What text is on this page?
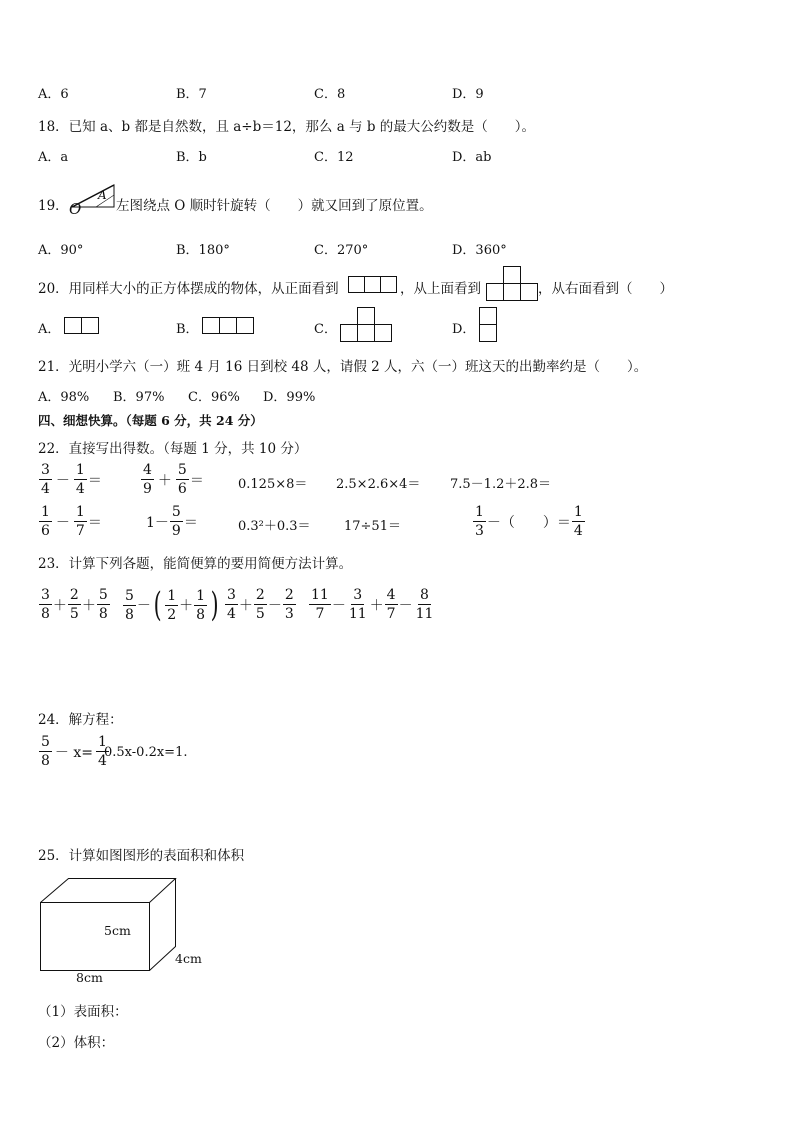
A．6	B．7	C．8	D．9
18．已知 a、b 都是自然数，且 a÷b＝12，那么 a 与 b 的最大公约数是（　　）。
A．a	B．b	C．12	D．ab
19． O
A
左图绕点 O 顺时针旋转（　　）就又回到了原位置。
A．90°	B．180°	C．270°	D．360°
20．用同样大小的正方体摆成的物体，从正面看到	，从上面看到	，从右面看到（　　）
A．	B．	C．	D．
21．光明小学六（一）班 4 月 16 日到校 48 人，请假 2 人，六（一）班这天的出勤率约是（　　）。
A．98% B．97% C．96% D．99%
四、细想快算。（每题 6 分，共 24 分）
22．直接写出得数。（每题 1 分，共 10 分）
$\frac{3}{4} - \frac{1}{4}$ ＝	$\frac{4}{9} + \frac{5}{6}$ ＝	0.125×8＝ 2.5×2.6×4＝ 7.5－1.2＋2.8＝
$\frac{1}{6} - \frac{1}{7}$ ＝	$1- \frac{5}{9}$ ＝	0.3²＋0.3＝	17÷51＝	$\frac{1}{3}$ －（　　）＝ $\frac{1}{4}$
23．计算下列各题，能简便算的要用简便方法计算。
$\frac{3}{8} + \frac{2}{5} + \frac{5}{8} \frac{5}{8}$ － ( $\frac{1}{2} + \frac{1}{8}$ ) $\frac{3}{4} + \frac{2}{5} - \frac{2}{3} \frac{11}{7} - \frac{3}{11} + \frac{4}{7} - \frac{8}{11}$
24．解方程：
$\frac{5}{8} - x= \frac{1}{4}$
0.5x-0.2x=1.
25．计算如图图形的表面积和体积
5cm
4cm
8cm
（1）表面积：
（2）体积：
